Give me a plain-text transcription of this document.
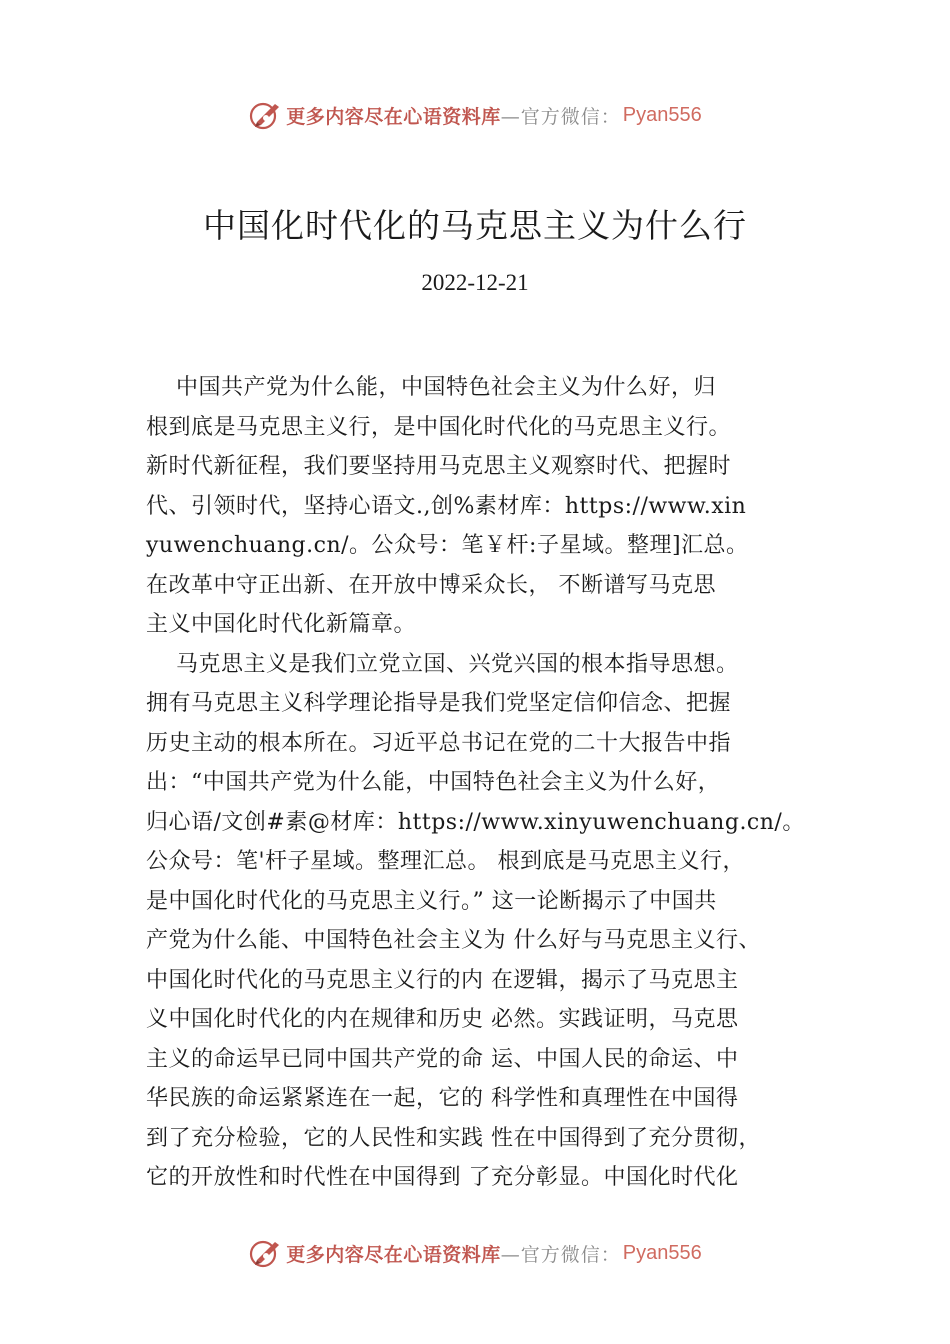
更多内容尽在心语资料库 —官方微信： Pyan556
中国化时代化的马克思主义为什么行
2022-12-21
中国共产党为什么能，中国特色社会主义为什么好，归
根到底是马克思主义行，是中国化时代化的马克思主义行。
新时代新征程，我们要坚持用马克思主义观察时代、把握时
代、引领时代，坚持心语文.,创%素材库：https://www.xin
yuwenchuang.cn/。公众号：笔￥杆:子星域。整理]汇总。
在改革中守正出新、在开放中博采众长， 不断谱写马克思
主义中国化时代化新篇章。
马克思主义是我们立党立国、兴党兴国的根本指导思想。
拥有马克思主义科学理论指导是我们党坚定信仰信念、把握
历史主动的根本所在。习近平总书记在党的二十大报告中指
出：“中国共产党为什么能，中国特色社会主义为什么好，
归心语/文创#素@材库：https://www.xinyuwenchuang.cn/。
公众号：笔'杆子星域。整理汇总。 根到底是马克思主义行，
是中国化时代化的马克思主义行。” 这一论断揭示了中国共
产党为什么能、中国特色社会主义为 什么好与马克思主义行、
中国化时代化的马克思主义行的内 在逻辑，揭示了马克思主
义中国化时代化的内在规律和历史 必然。实践证明，马克思
主义的命运早已同中国共产党的命 运、中国人民的命运、中
华民族的命运紧紧连在一起，它的 科学性和真理性在中国得
到了充分检验，它的人民性和实践 性在中国得到了充分贯彻，
它的开放性和时代性在中国得到 了充分彰显。中国化时代化
更多内容尽在心语资料库 —官方微信： Pyan556
